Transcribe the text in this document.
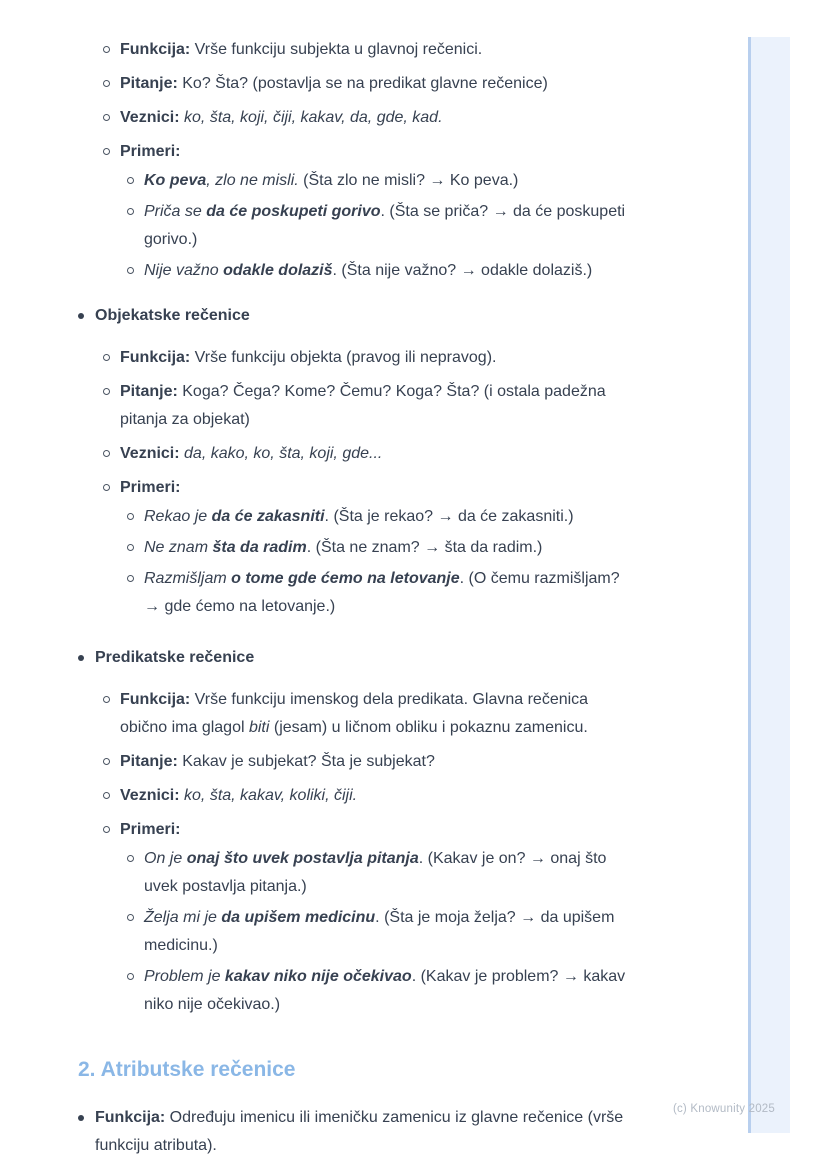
Funkcija: Vrše funkciju subjekta u glavnoj rečenici.
Pitanje: Ko? Šta? (postavlja se na predikat glavne rečenice)
Veznici: ko, šta, koji, čiji, kakav, da, gde, kad.
Primeri:
Ko peva, zlo ne misli. (Šta zlo ne misli? → Ko peva.)
Priča se da će poskupeti gorivo. (Šta se priča? → da će poskupeti gorivo.)
Nije važno odakle dolaziš. (Šta nije važno? → odakle dolaziš.)
Objekatske rečenice
Funkcija: Vrše funkciju objekta (pravog ili nepravog).
Pitanje: Koga? Čega? Kome? Čemu? Koga? Šta? (i ostala padežna pitanja za objekat)
Veznici: da, kako, ko, šta, koji, gde...
Primeri:
Rekao je da će zakasniti. (Šta je rekao? → da će zakasniti.)
Ne znam šta da radim. (Šta ne znam? → šta da radim.)
Razmišljam o tome gde ćemo na letovanje. (O čemu razmišljam? → gde ćemo na letovanje.)
Predikatske rečenice
Funkcija: Vrše funkciju imenskog dela predikata. Glavna rečenica obično ima glagol biti (jesam) u ličnom obliku i pokaznu zamenicu.
Pitanje: Kakav je subjekat? Šta je subjekat?
Veznici: ko, šta, kakav, koliki, čiji.
Primeri:
On je onaj što uvek postavlja pitanja. (Kakav je on? → onaj što uvek postavlja pitanja.)
Želja mi je da upišem medicinu. (Šta je moja želja? → da upišem medicinu.)
Problem je kakav niko nije očekivao. (Kakav je problem? → kakav niko nije očekivao.)
2. Atributske rečenice
Funkcija: Određuju imenicu ili imeničku zamenicu iz glavne rečenice (vrše funkciju atributa).
(c) Knowunity 2025
